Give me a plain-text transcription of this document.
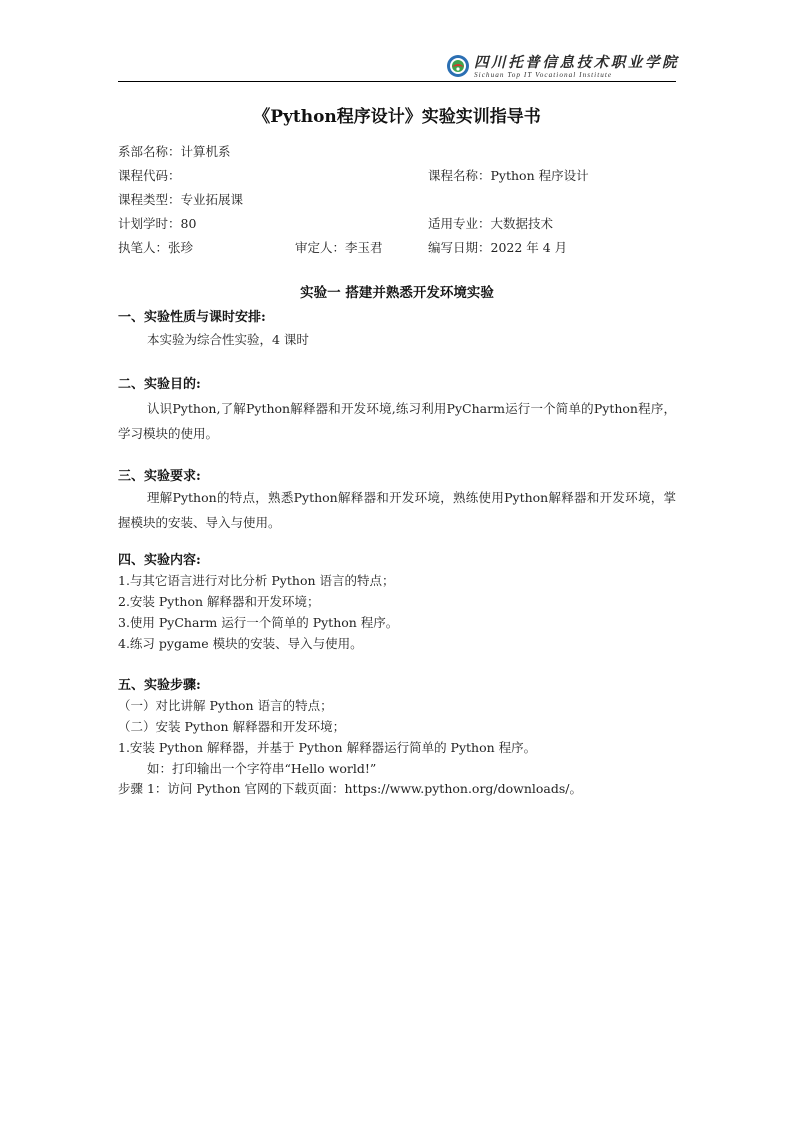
四川托普信息技术职业学院
Sichuan Top IT Vocational Institute
《Python程序设计》实验实训指导书
系部名称：计算机系
课程代码：	课程名称：Python 程序设计
课程类型：专业拓展课
计划学时：80	适用专业：大数据技术
执笔人：张珍	审定人：李玉君	编写日期：2022 年 4 月
实验一 搭建并熟悉开发环境实验
一、实验性质与课时安排:
本实验为综合性实验，4 课时
二、实验目的:
认识Python,了解Python解释器和开发环境,练习利用PyCharm运行一个简单的Python程序，学习模块的使用。
三、实验要求:
理解Python的特点，熟悉Python解释器和开发环境，熟练使用Python解释器和开发环境，掌握模块的安装、导入与使用。
四、实验内容:
1.与其它语言进行对比分析 Python 语言的特点；
2.安装 Python 解释器和开发环境；
3.使用 PyCharm 运行一个简单的 Python 程序。
4.练习 pygame 模块的安装、导入与使用。
五、实验步骤:
（一）对比讲解 Python 语言的特点；
（二）安装 Python 解释器和开发环境；
1.安装 Python 解释器，并基于 Python 解释器运行简单的 Python 程序。
如：打印输出一个字符串“Hello world!”
步骤 1：访问 Python 官网的下载页面：https://www.python.org/downloads/。
